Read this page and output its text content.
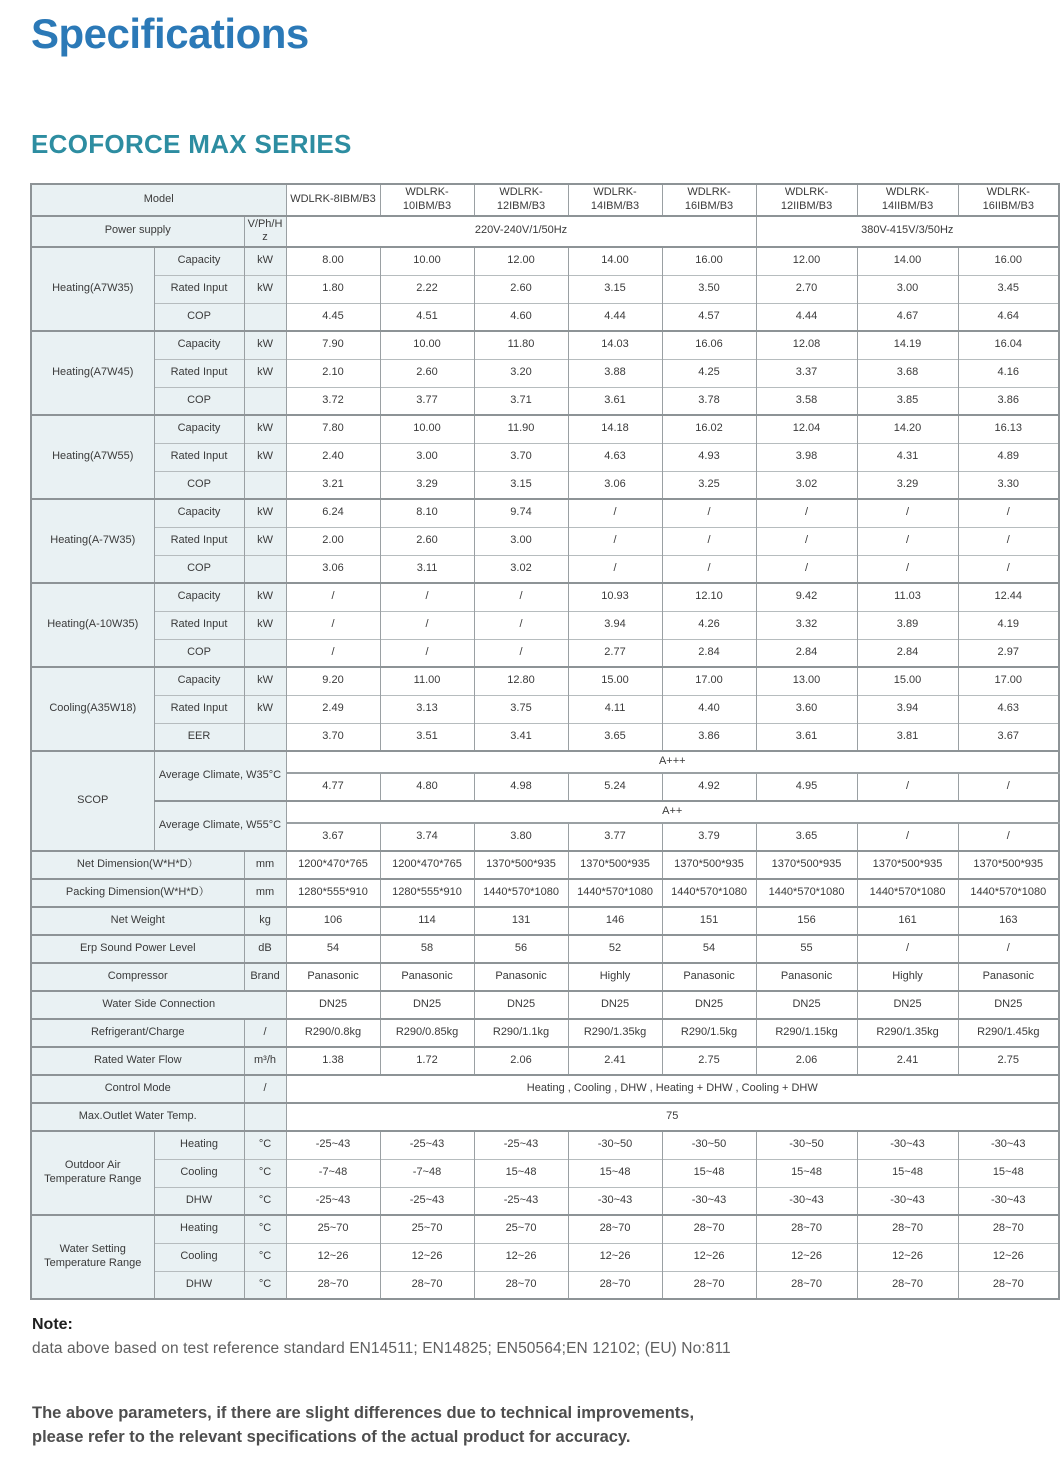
Specifications
ECOFORCE MAX SERIES
Model			WDLRK-8IBM/B3	WDLRK-10IBM/B3	WDLRK-12IBM/B3	WDLRK-14IBM/B3	WDLRK-16IBM/B3	WDLRK-12IIBM/B3	WDLRK-14IIBM/B3	WDLRK-16IIBM/B3
Power supply		V/Ph/Hz	220V-240V/1/50Hz					380V-415V/3/50Hz		
Heating(A7W35)	Capacity	kW	8.00	10.00	12.00	14.00	16.00	12.00	14.00	16.00
	Rated Input	kW	1.80	2.22	2.60	3.15	3.50	2.70	3.00	3.45
	COP		4.45	4.51	4.60	4.44	4.57	4.44	4.67	4.64
Heating(A7W45)	Capacity	kW	7.90	10.00	11.80	14.03	16.06	12.08	14.19	16.04
	Rated Input	kW	2.10	2.60	3.20	3.88	4.25	3.37	3.68	4.16
	COP		3.72	3.77	3.71	3.61	3.78	3.58	3.85	3.86
Heating(A7W55)	Capacity	kW	7.80	10.00	11.90	14.18	16.02	12.04	14.20	16.13
	Rated Input	kW	2.40	3.00	3.70	4.63	4.93	3.98	4.31	4.89
	COP		3.21	3.29	3.15	3.06	3.25	3.02	3.29	3.30
Heating(A-7W35)	Capacity	kW	6.24	8.10	9.74	/	/	/	/	/
	Rated Input	kW	2.00	2.60	3.00	/	/	/	/	/
	COP		3.06	3.11	3.02	/	/	/	/	/
Heating(A-10W35)	Capacity	kW	/	/	/	10.93	12.10	9.42	11.03	12.44
	Rated Input	kW	/	/	/	3.94	4.26	3.32	3.89	4.19
	COP		/	/	/	2.77	2.84	2.84	2.84	2.97
Cooling(A35W18)	Capacity	kW	9.20	11.00	12.80	15.00	17.00	13.00	15.00	17.00
	Rated Input	kW	2.49	3.13	3.75	4.11	4.40	3.60	3.94	4.63
	EER		3.70	3.51	3.41	3.65	3.86	3.61	3.81	3.67
SCOP	Average Climate, W35°C		A+++							
			4.77	4.80	4.98	5.24	4.92	4.95	/	/
	Average Climate, W55°C		A++							
			3.67	3.74	3.80	3.77	3.79	3.65	/	/
Net Dimension(W*H*D）		mm	1200*470*765	1200*470*765	1370*500*935	1370*500*935	1370*500*935	1370*500*935	1370*500*935	1370*500*935
Packing Dimension(W*H*D）		mm	1280*555*910	1280*555*910	1440*570*1080	1440*570*1080	1440*570*1080	1440*570*1080	1440*570*1080	1440*570*1080
Net Weight		kg	106	114	131	146	151	156	161	163
Erp Sound Power Level		dB	54	58	56	52	54	55	/	/
Compressor		Brand	Panasonic	Panasonic	Panasonic	Highly	Panasonic	Panasonic	Highly	Panasonic
Water Side Connection			DN25	DN25	DN25	DN25	DN25	DN25	DN25	DN25
Refrigerant/Charge		/	R290/0.8kg	R290/0.85kg	R290/1.1kg	R290/1.35kg	R290/1.5kg	R290/1.15kg	R290/1.35kg	R290/1.45kg
Rated Water Flow		m³/h	1.38	1.72	2.06	2.41	2.75	2.06	2.41	2.75
Control Mode		/	Heating , Cooling , DHW , Heating + DHW , Cooling + DHW							
Max.Outlet Water Temp.			75							
Outdoor Air Temperature Range	Heating	°C	-25~43	-25~43	-25~43	-30~50	-30~50	-30~50	-30~43	-30~43
	Cooling	°C	-7~48	-7~48	15~48	15~48	15~48	15~48	15~48	15~48
	DHW	°C	-25~43	-25~43	-25~43	-30~43	-30~43	-30~43	-30~43	-30~43
Water Setting Temperature Range	Heating	°C	25~70	25~70	25~70	28~70	28~70	28~70	28~70	28~70
	Cooling	°C	12~26	12~26	12~26	12~26	12~26	12~26	12~26	12~26
	DHW	°C	28~70	28~70	28~70	28~70	28~70	28~70	28~70	28~70
Note:
data above based on test reference standard EN14511; EN14825; EN50564;EN 12102; (EU) No:811
The above parameters, if there are slight differences due to technical improvements,
please refer to the relevant specifications of the actual product for accuracy.
